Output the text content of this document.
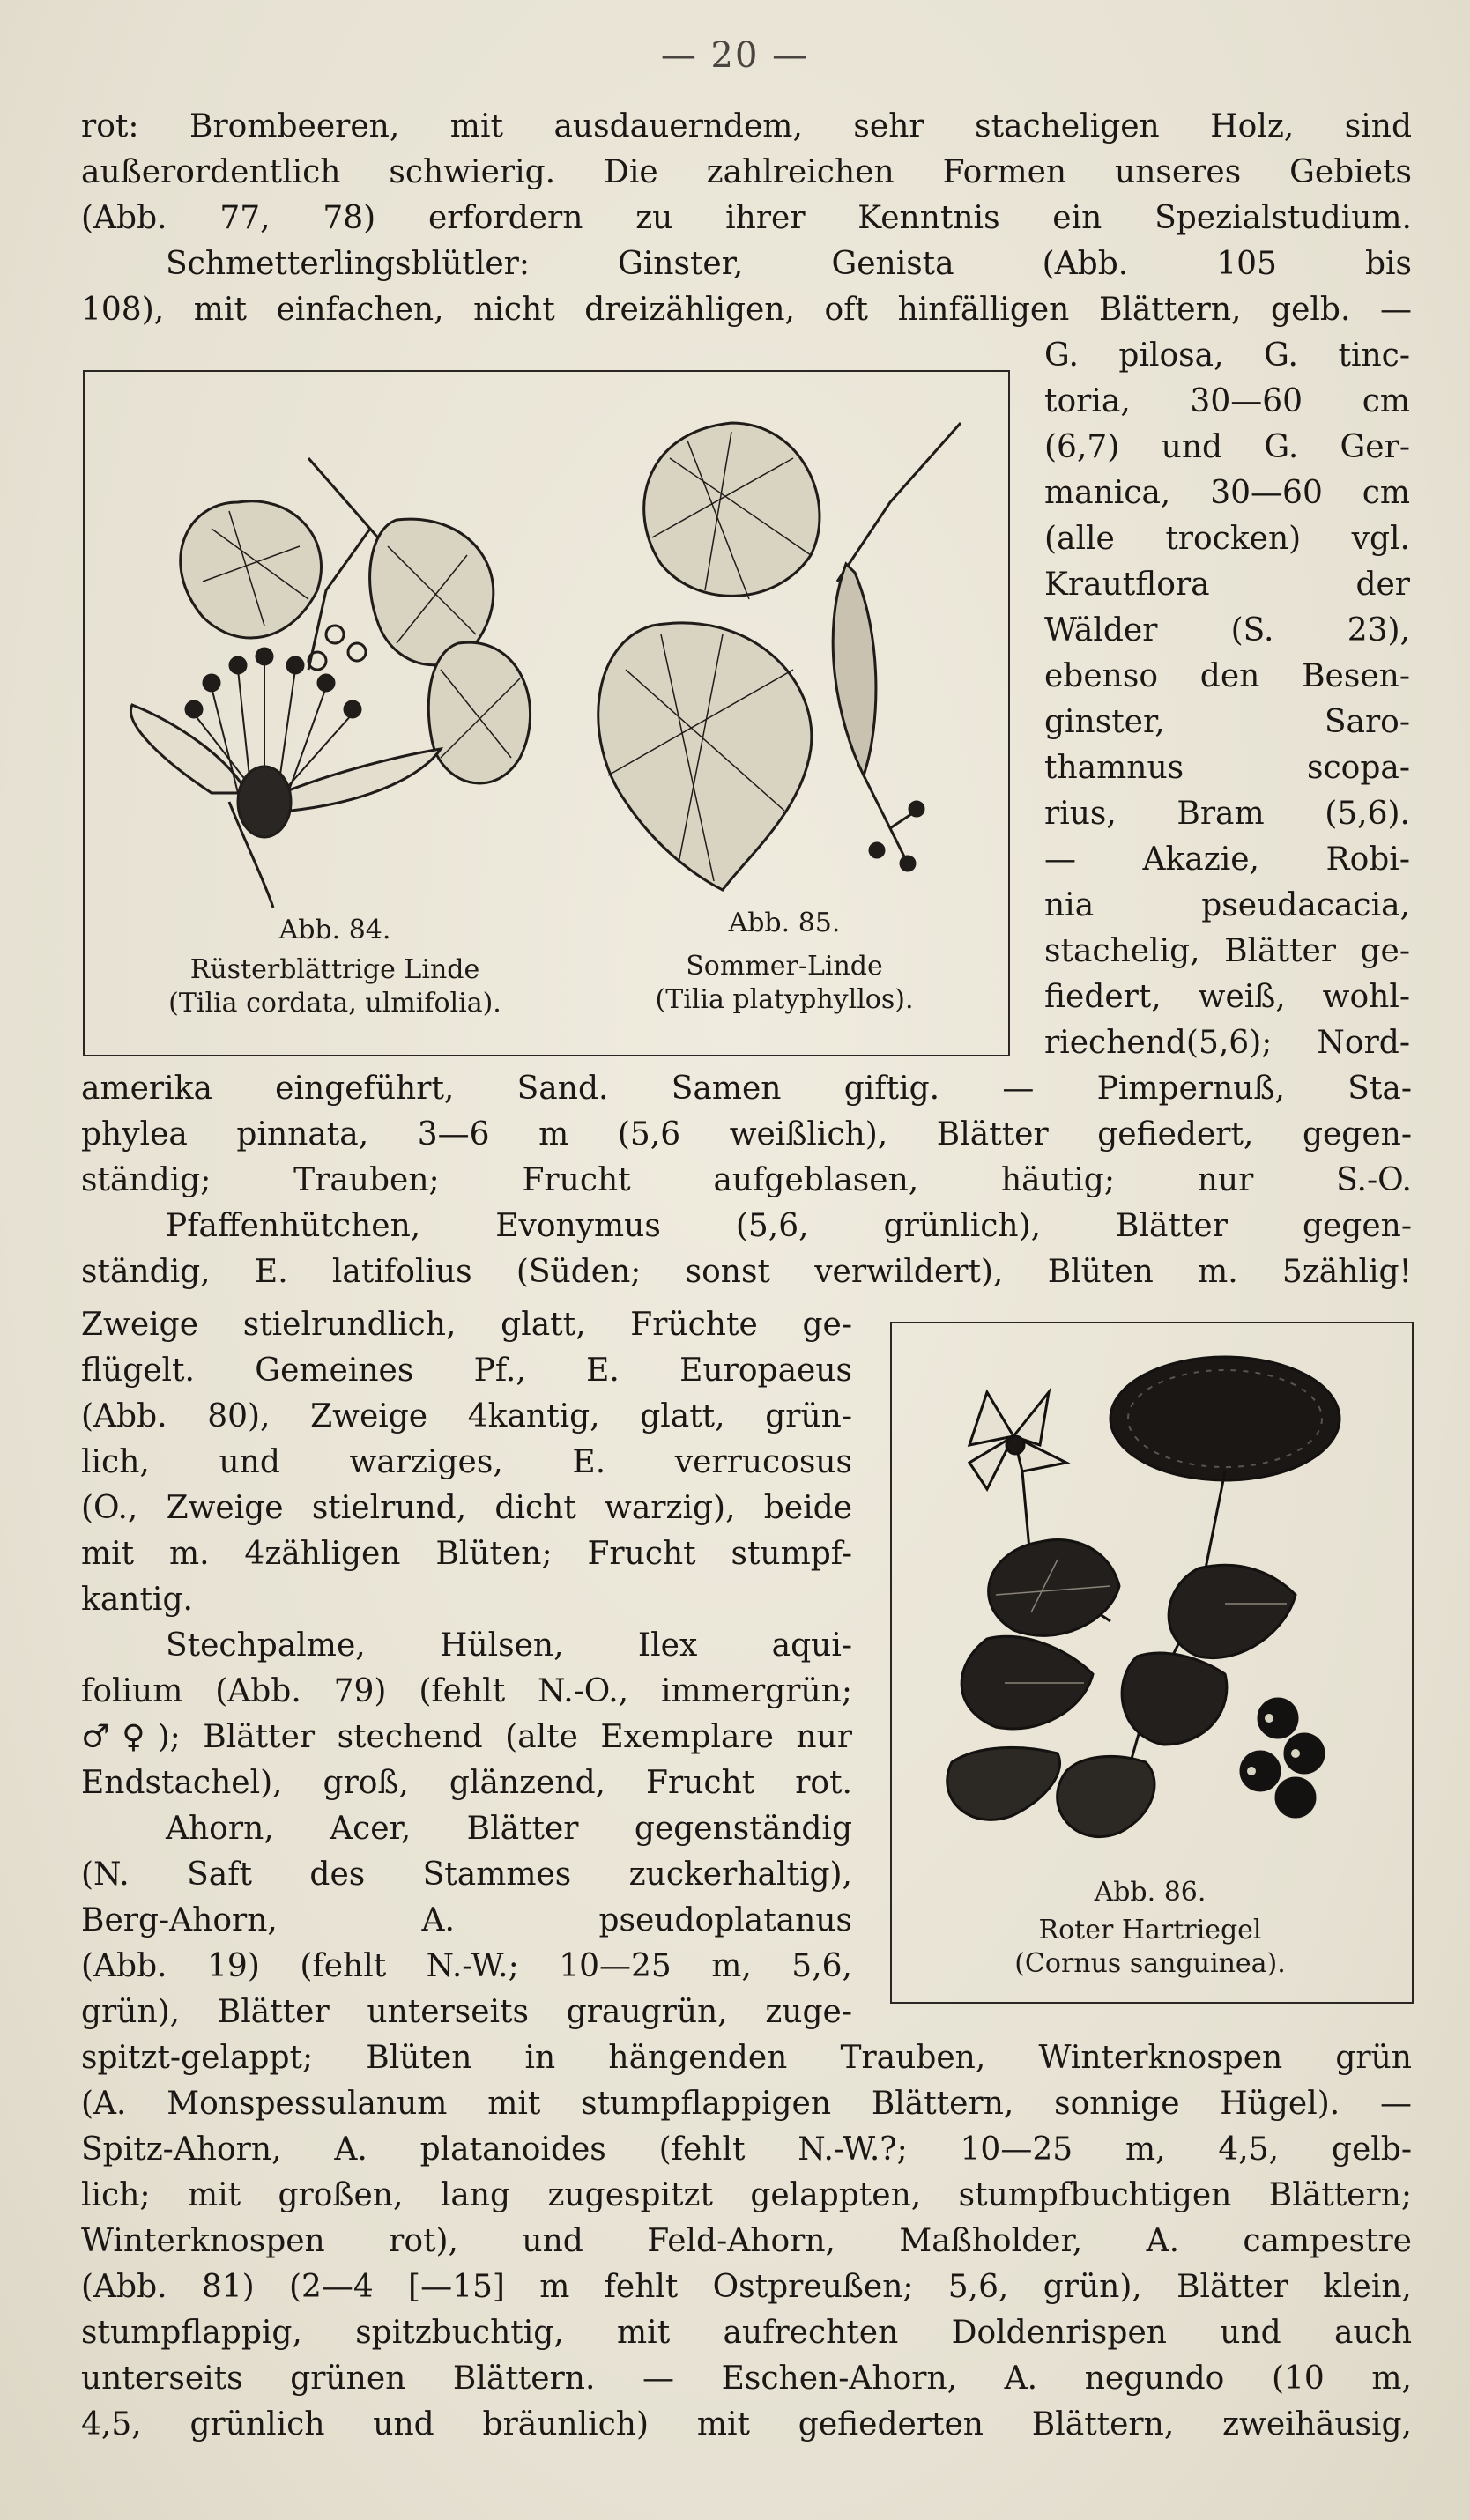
— 20 —

rot: Brombeeren, mit ausdauerndem, sehr stacheligen Holz, sind

außerordentlich schwierig. Die zahlreichen Formen unseres Gebiets

(Abb. 77, 78) erfordern zu ihrer Kenntnis ein Spezialstudium.

Schmetterlingsblütler: Ginster, Genista (Abb. 105 bis

108), mit einfachen, nicht dreizähligen, oft hinfälligen Blättern, gelb. —

Abb. 84.
Rüsterblättrige Linde
(Tilia cordata, ulmifolia).
Abb. 85.
Sommer-Linde
(Tilia platyphyllos).

G. pilosa, G. tinc-

toria, 30—60 cm

(6,7) und G. Ger-

manica, 30—60 cm

(alle trocken) vgl.

Krautflora der

Wälder (S. 23),

ebenso den Besen-

ginster, Saro-

thamnus scopa-

rius, Bram (5,6).

— Akazie, Robi-

nia pseudacacia,

stachelig, Blätter ge-

fiedert, weiß, wohl-

riechend(5,6); Nord-

amerika eingeführt, Sand. Samen giftig. — Pimpernuß, Sta-

phylea pinnata, 3—6 m (5,6 weißlich), Blätter gefiedert, gegen-

ständig; Trauben; Frucht aufgeblasen, häutig; nur S.-O.

Pfaffenhütchen, Evonymus (5,6, grünlich), Blätter gegen-

ständig, E. latifolius (Süden; sonst verwildert), Blüten m. 5zählig!

Abb. 86.
Roter Hartriegel
(Cornus sanguinea).

Zweige stielrundlich, glatt, Früchte ge-

flügelt. Gemeines Pf., E. Europaeus

(Abb. 80), Zweige 4kantig, glatt, grün-

lich, und warziges, E. verrucosus

(O., Zweige stielrund, dicht warzig), beide

mit m. 4zähligen Blüten; Frucht stumpf-

kantig.

Stechpalme, Hülsen, Ilex aqui-

folium (Abb. 79) (fehlt N.-O., immergrün;

♂♀); Blätter stechend (alte Exemplare nur

Endstachel), groß, glänzend, Frucht rot.

Ahorn, Acer, Blätter gegenständig

(N. Saft des Stammes zuckerhaltig),

Berg-Ahorn, A. pseudoplatanus

(Abb. 19) (fehlt N.-W.; 10—25 m, 5,6,

grün), Blätter unterseits graugrün, zuge-

spitzt-gelappt; Blüten in hängenden Trauben, Winterknospen grün

(A. Monspessulanum mit stumpflappigen Blättern, sonnige Hügel). —

Spitz-Ahorn, A. platanoides (fehlt N.-W.?; 10—25 m, 4,5, gelb-

lich; mit großen, lang zugespitzt gelappten, stumpfbuchtigen Blättern;

Winterknospen rot), und Feld-Ahorn, Maßholder, A. campestre

(Abb. 81) (2—4 [—15] m fehlt Ostpreußen; 5,6, grün), Blätter klein,

stumpflappig, spitzbuchtig, mit aufrechten Doldenrispen und auch

unterseits grünen Blättern. — Eschen-Ahorn, A. negundo (10 m,

4,5, grünlich und bräunlich) mit gefiederten Blättern, zweihäusig,
